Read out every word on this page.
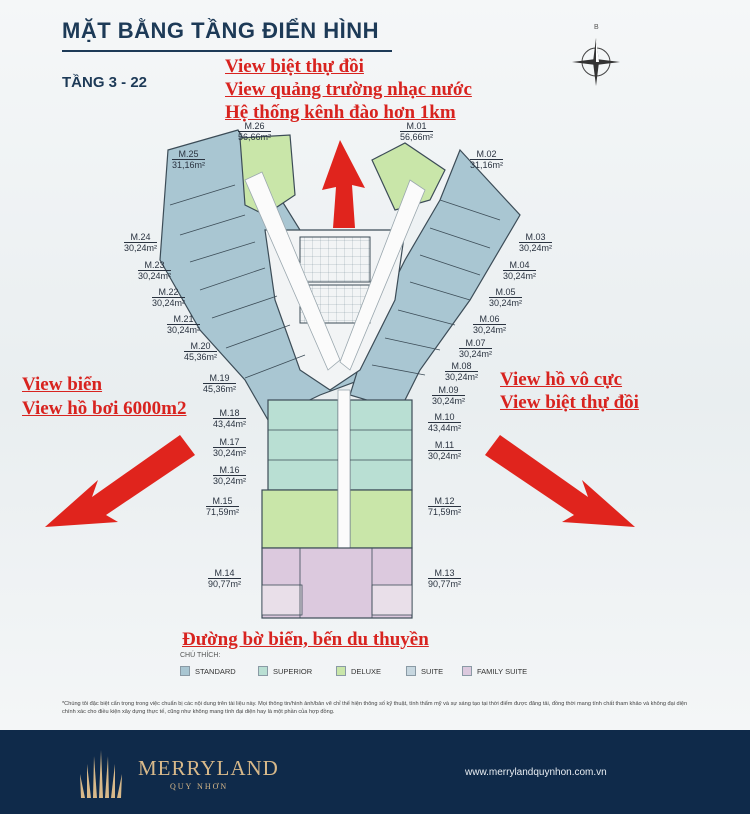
MẶT BẰNG TẦNG ĐIỂN HÌNH
TẦNG 3 - 22
B
View biệt thự đồi
View quảng trường nhạc nước
Hệ thống kênh đào hơn 1km
View biển
View hồ bơi 6000m2
View hồ vô cực
View biệt thự đồi
Đường bờ biển, bến du thuyền
M.26
56,66m²
M.01
56,66m²
M.25
31,16m²
M.02
31,16m²
M.24
30,24m²
M.03
30,24m²
M.23
30,24m²
M.04
30,24m²
M.22
30,24m²
M.05
30,24m²
M.21
30,24m²
M.06
30,24m²
M.20
45,36m²
M.07
30,24m²
M.08
30,24m²
M.19
45,36m²	M.09
30,24m²
M.18
43,44m²
M.10
43,44m²
M.17
30,24m²
M.11
30,24m²
M.16
30,24m²
M.15
71,59m²
M.12
71,59m²
M.14
90,77m²
M.13
90,77m²
CHÚ THÍCH:
STANDARD	SUPERIOR	DELUXE	SUITE	FAMILY SUITE
*Chúng tôi đặc biệt cẩn trọng trong việc chuẩn bị các nội dung trên tài liệu này. Mọi thông tin/hình ảnh/bản vẽ chỉ thể hiện thông số kỹ thuật, tính thẩm mỹ và sự sáng tạo tại thời điểm được đăng tải, đồng thời mang tính chất tham khảo và không đại diện chính xác cho điều kiện xây dựng thực tế, cũng như không mang tính đại diện hay là một phần của hợp đồng.
MERRYLAND
QUY NHƠN
www.merrylandquynhon.com.vn
